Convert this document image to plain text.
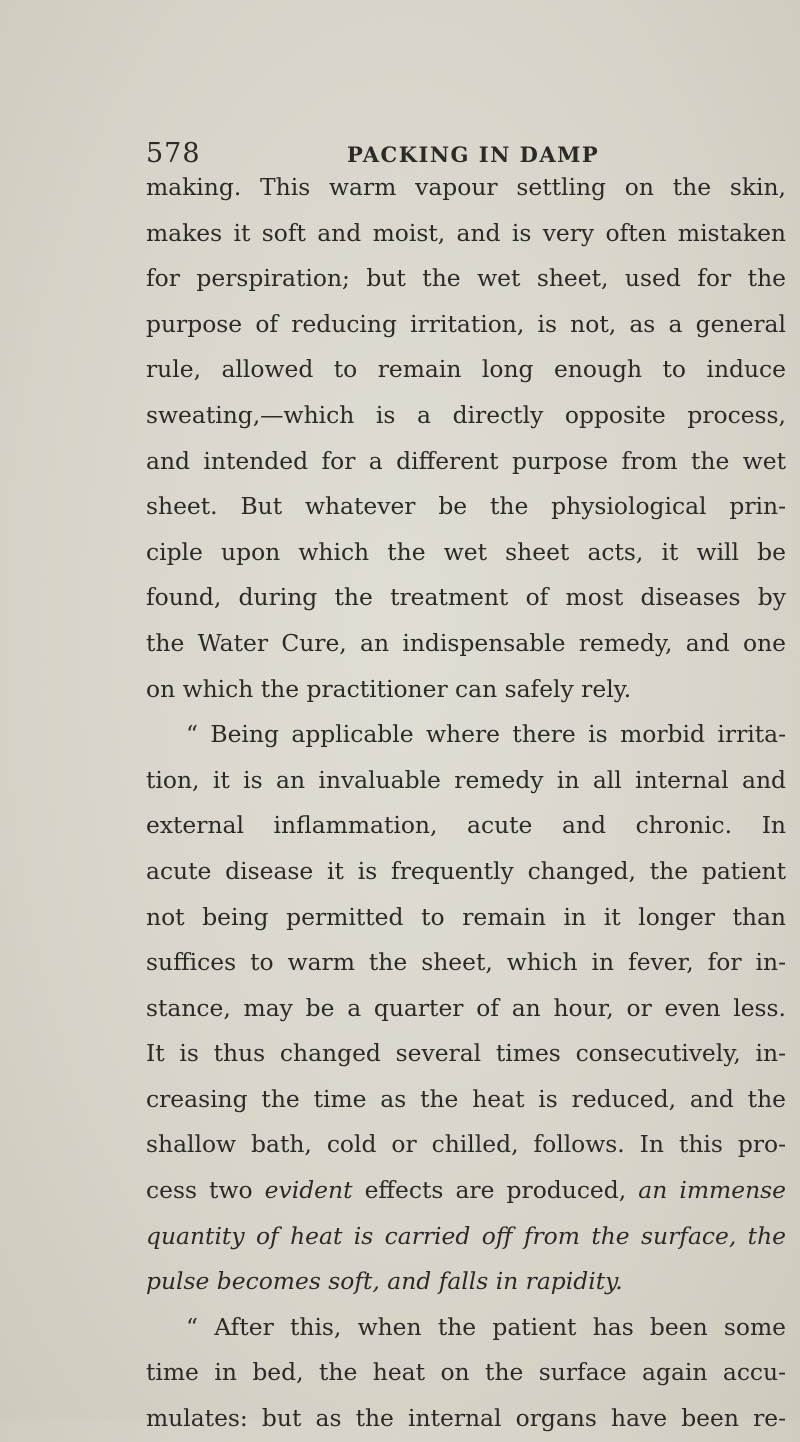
578	PACKING IN DAMP
making. This warm vapour settling on the skin,
makes it soft and moist, and is very often mistaken
for perspiration; but the wet sheet, used for the
purpose of reducing irritation, is not, as a general
rule, allowed to remain long enough to induce
sweating,—which is a directly opposite process,
and intended for a different purpose from the wet
sheet. But whatever be the physiological prin-
ciple upon which the wet sheet acts, it will be
found, during the treatment of most diseases by
the Water Cure, an indispensable remedy, and one
on which the practitioner can safely rely.
“ Being applicable where there is morbid irrita-
tion, it is an invaluable remedy in all internal and
external inflammation, acute and chronic. In
acute disease it is frequently changed, the patient
not being permitted to remain in it longer than
suffices to warm the sheet, which in fever, for in-
stance, may be a quarter of an hour, or even less.
It is thus changed several times consecutively, in-
creasing the time as the heat is reduced, and the
shallow bath, cold or chilled, follows. In this pro-
cess two evident effects are produced, an immense
quantity of heat is carried off from the surface, the
pulse becomes soft, and falls in rapidity.
“ After this, when the patient has been some
time in bed, the heat on the surface again accu-
mulates: but as the internal organs have been re-
